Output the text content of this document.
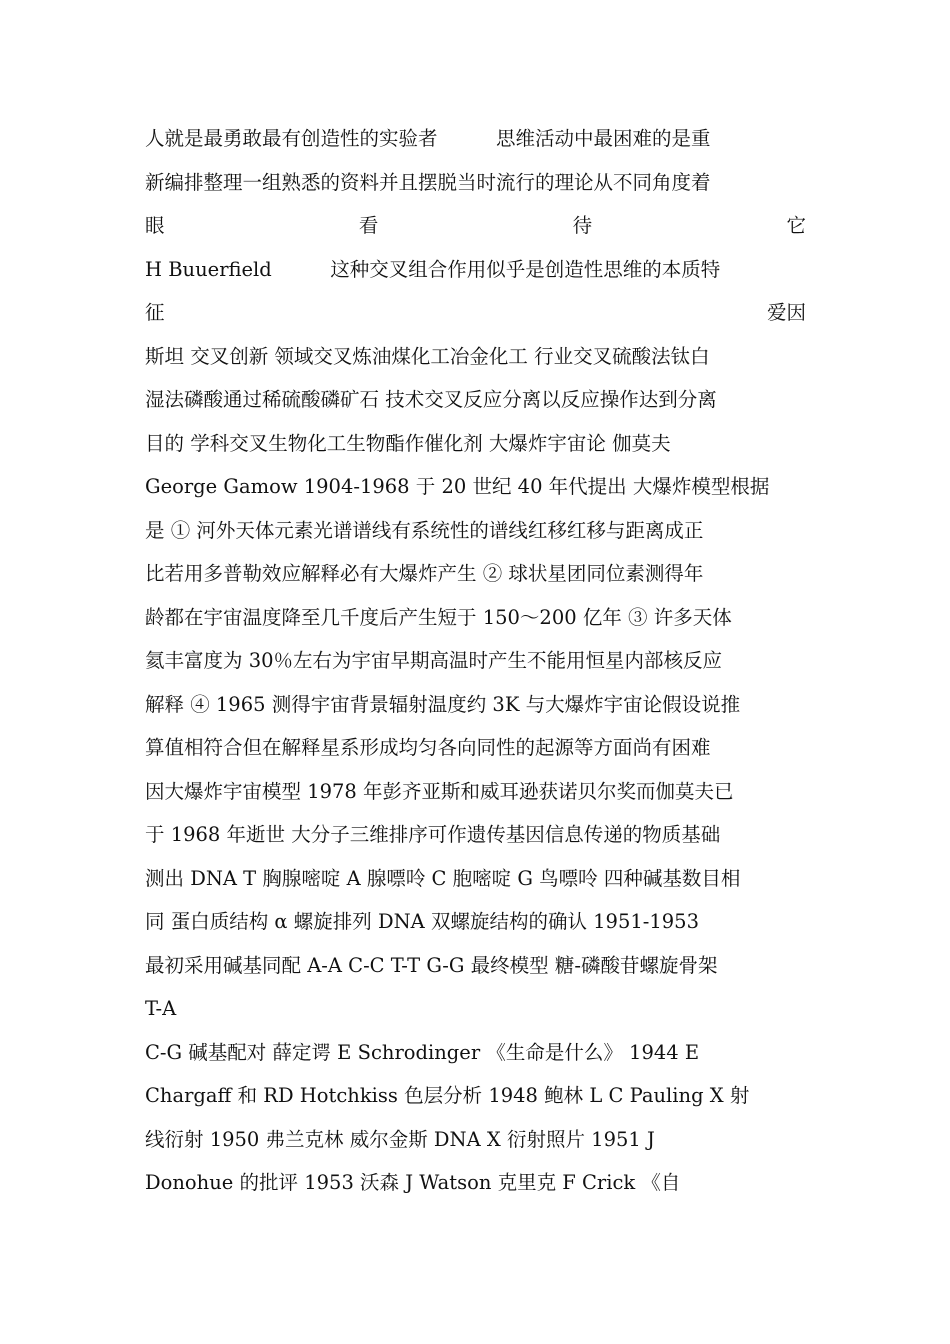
人就是最勇敢最有创造性的实验者　　　思维活动中最困难的是重
新编排整理一组熟悉的资料并且摆脱当时流行的理论从不同角度着
眼	看	待	它
H Buuerfield　　　这种交叉组合作用似乎是创造性思维的本质特
征	爱因
斯坦 交叉创新 领域交叉炼油煤化工冶金化工 行业交叉硫酸法钛白
湿法磷酸通过稀硫酸磷矿石 技术交叉反应分离以反应操作达到分离
目的 学科交叉生物化工生物酯作催化剂 大爆炸宇宙论 伽莫夫
George Gamow 1904-1968 于 20 世纪 40 年代提出 大爆炸模型根据
是 ① 河外天体元素光谱谱线有系统性的谱线红移红移与距离成正
比若用多普勒效应解释必有大爆炸产生 ② 球状星团同位素测得年
龄都在宇宙温度降至几千度后产生短于 150～200 亿年 ③ 许多天体
氦丰富度为 30％左右为宇宙早期高温时产生不能用恒星内部核反应
解释 ④ 1965 测得宇宙背景辐射温度约 3K 与大爆炸宇宙论假设说推
算值相符合但在解释星系形成均匀各向同性的起源等方面尚有困难
因大爆炸宇宙模型 1978 年彭齐亚斯和威耳逊获诺贝尔奖而伽莫夫已
于 1968 年逝世 大分子三维排序可作遗传基因信息传递的物质基础
测出 DNA T 胸腺嘧啶 A 腺嘌呤 C 胞嘧啶 G 鸟嘌呤 四种碱基数目相
同 蛋白质结构 α 螺旋排列 DNA 双螺旋结构的确认 1951-1953
最初采用碱基同配 A-A C-C T-T G-G 最终模型 糖-磷酸苷螺旋骨架
T-A
C-G 碱基配对 薛定谔 E Schrodinger 《生命是什么》 1944 E
Chargaff 和 RD Hotchkiss 色层分析 1948 鲍林 L C Pauling X 射
线衍射 1950 弗兰克林 威尔金斯 DNA X 衍射照片 1951 J
Donohue 的批评 1953 沃森 J Watson 克里克 F Crick 《自
